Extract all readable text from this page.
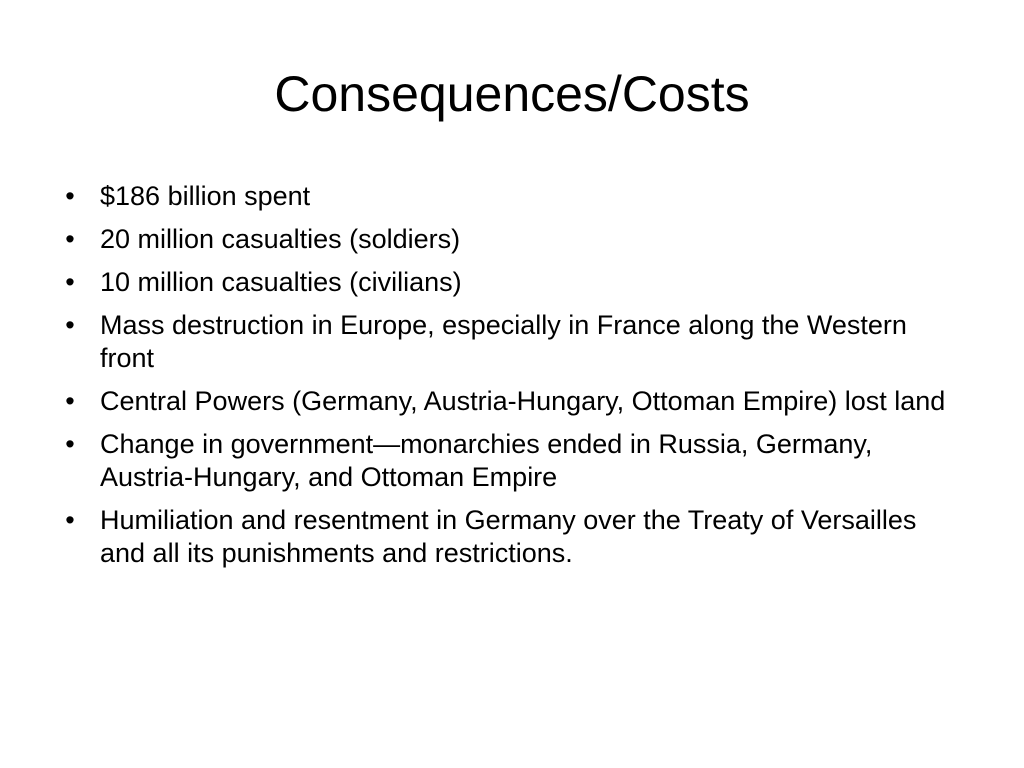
Consequences/Costs
• $186 billion spent
• 20 million casualties (soldiers)
• 10 million casualties (civilians)
• Mass destruction in Europe, especially in France along the Western front
• Central Powers (Germany, Austria-Hungary, Ottoman Empire) lost land
• Change in government—monarchies ended in Russia, Germany, Austria-Hungary, and Ottoman Empire
• Humiliation and resentment in Germany over the Treaty of Versailles and all its punishments and restrictions.
